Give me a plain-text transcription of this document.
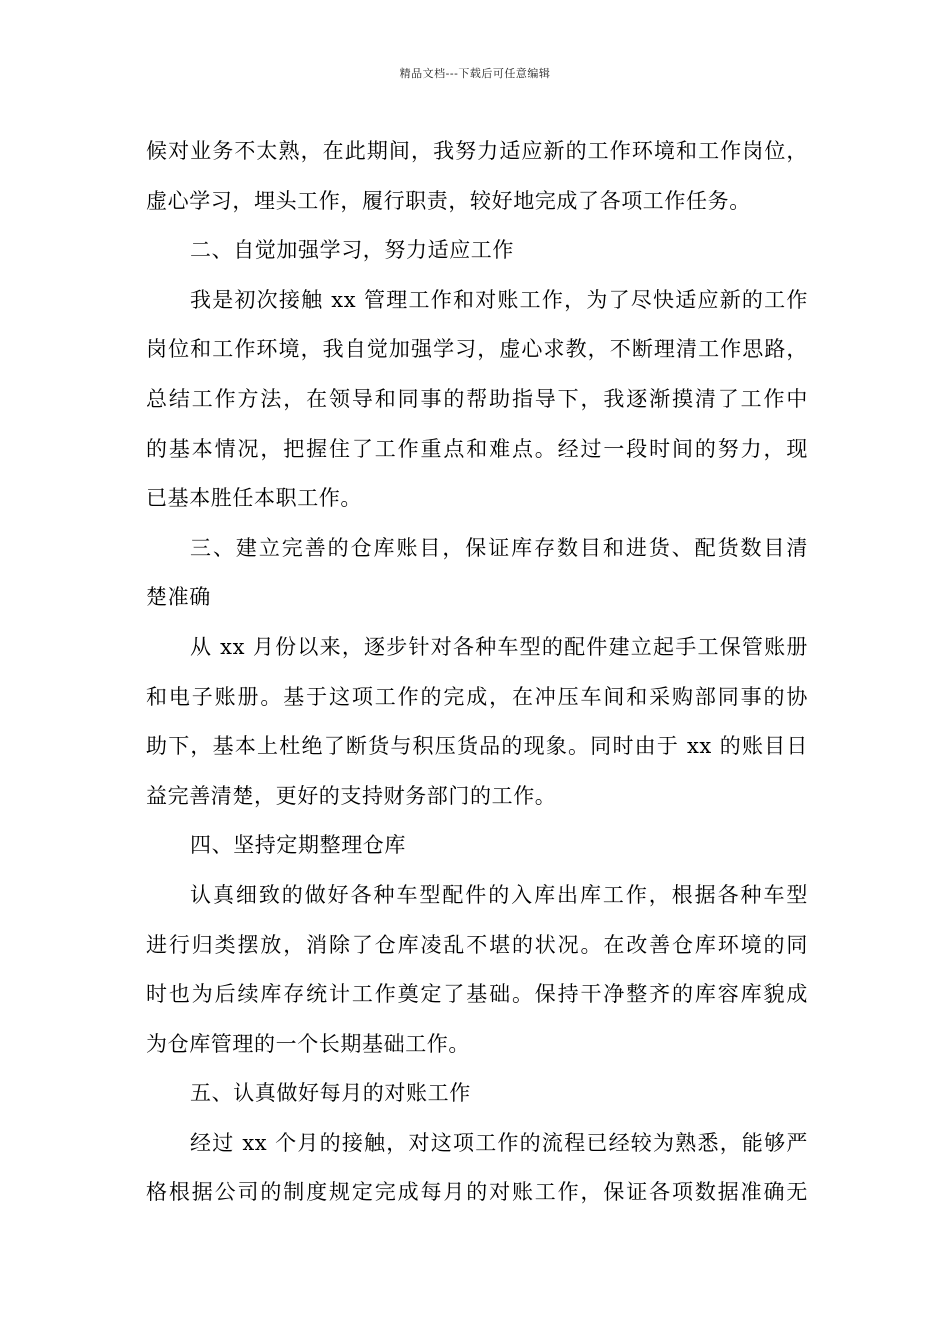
精品文档---下载后可任意编辑
候对业务不太熟，在此期间，我努力适应新的工作环境和工作岗位，
虚心学习，埋头工作，履行职责，较好地完成了各项工作任务。
二、自觉加强学习，努力适应工作
我是初次接触 xx 管理工作和对账工作，为了尽快适应新的工作
岗位和工作环境，我自觉加强学习，虚心求教，不断理清工作思路，
总结工作方法，在领导和同事的帮助指导下，我逐渐摸清了工作中
的基本情况，把握住了工作重点和难点。经过一段时间的努力，现
已基本胜任本职工作。
三、建立完善的仓库账目，保证库存数目和进货、配货数目清
楚准确
从 xx 月份以来，逐步针对各种车型的配件建立起手工保管账册
和电子账册。基于这项工作的完成，在冲压车间和采购部同事的协
助下，基本上杜绝了断货与积压货品的现象。同时由于 xx 的账目日
益完善清楚，更好的支持财务部门的工作。
四、坚持定期整理仓库
认真细致的做好各种车型配件的入库出库工作，根据各种车型
进行归类摆放，消除了仓库凌乱不堪的状况。在改善仓库环境的同
时也为后续库存统计工作奠定了基础。保持干净整齐的库容库貌成
为仓库管理的一个长期基础工作。
五、认真做好每月的对账工作
经过 xx 个月的接触，对这项工作的流程已经较为熟悉，能够严
格根据公司的制度规定完成每月的对账工作，保证各项数据准确无
